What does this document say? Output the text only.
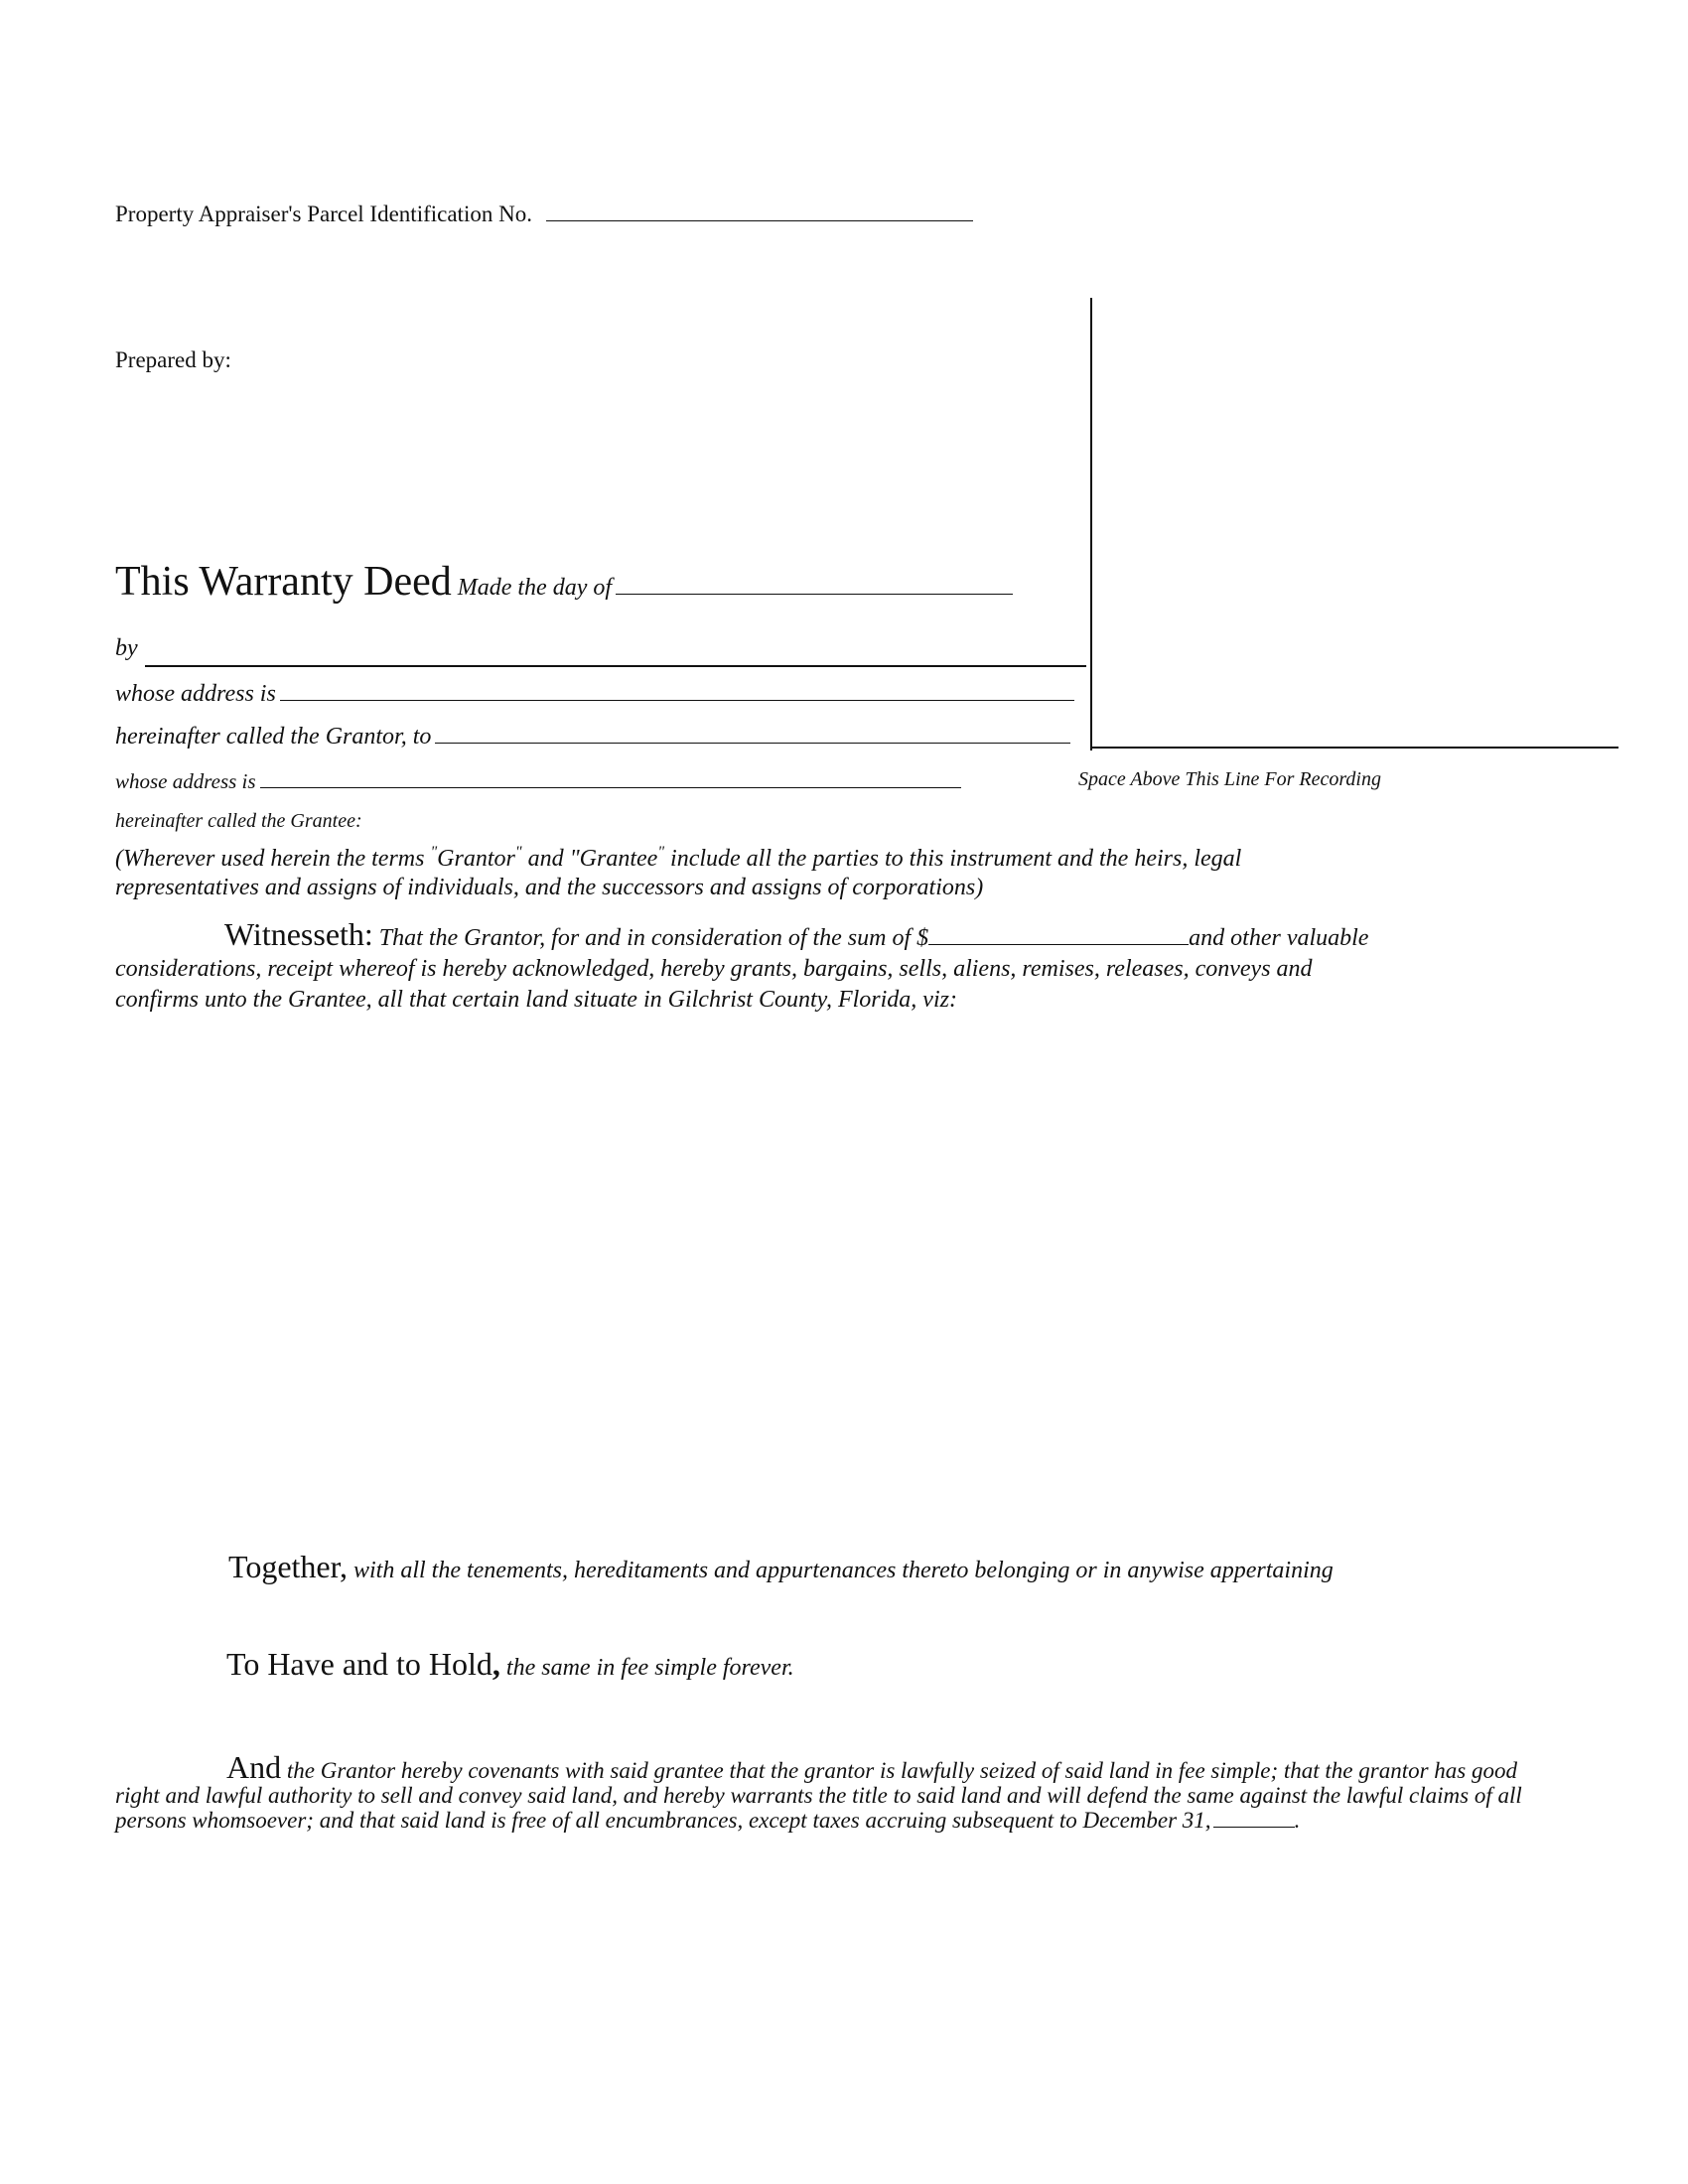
Property Appraiser's Parcel Identification No.
Prepared by:
This Warranty Deed Made the day of
by
whose address is
hereinafter called the Grantor, to
whose address is	Space Above This Line For Recording
hereinafter called the Grantee:
(Wherever used herein the terms "Grantor" and "Grantee" include all the parties to this instrument and the heirs, legal
representatives and assigns of individuals, and the successors and assigns of corporations)
Witnesseth: That the Grantor, for and in consideration of the sum of $	and other valuable
considerations, receipt whereof is hereby acknowledged, hereby grants, bargains, sells, aliens, remises, releases, conveys and
confirms unto the Grantee, all that certain land situate in Gilchrist County, Florida, viz:
Together, with all the tenements, hereditaments and appurtenances thereto belonging or in anywise appertaining
To Have and to Hold, the same in fee simple forever.
And the Grantor hereby covenants with said grantee that the grantor is lawfully seized of said land in fee simple; that the grantor has good right and lawful authority to sell and convey said land, and hereby warrants the title to said land and will defend the same against the lawful claims of all persons whomsoever; and that said land is free of all encumbrances, except taxes accruing subsequent to December 31,	.
